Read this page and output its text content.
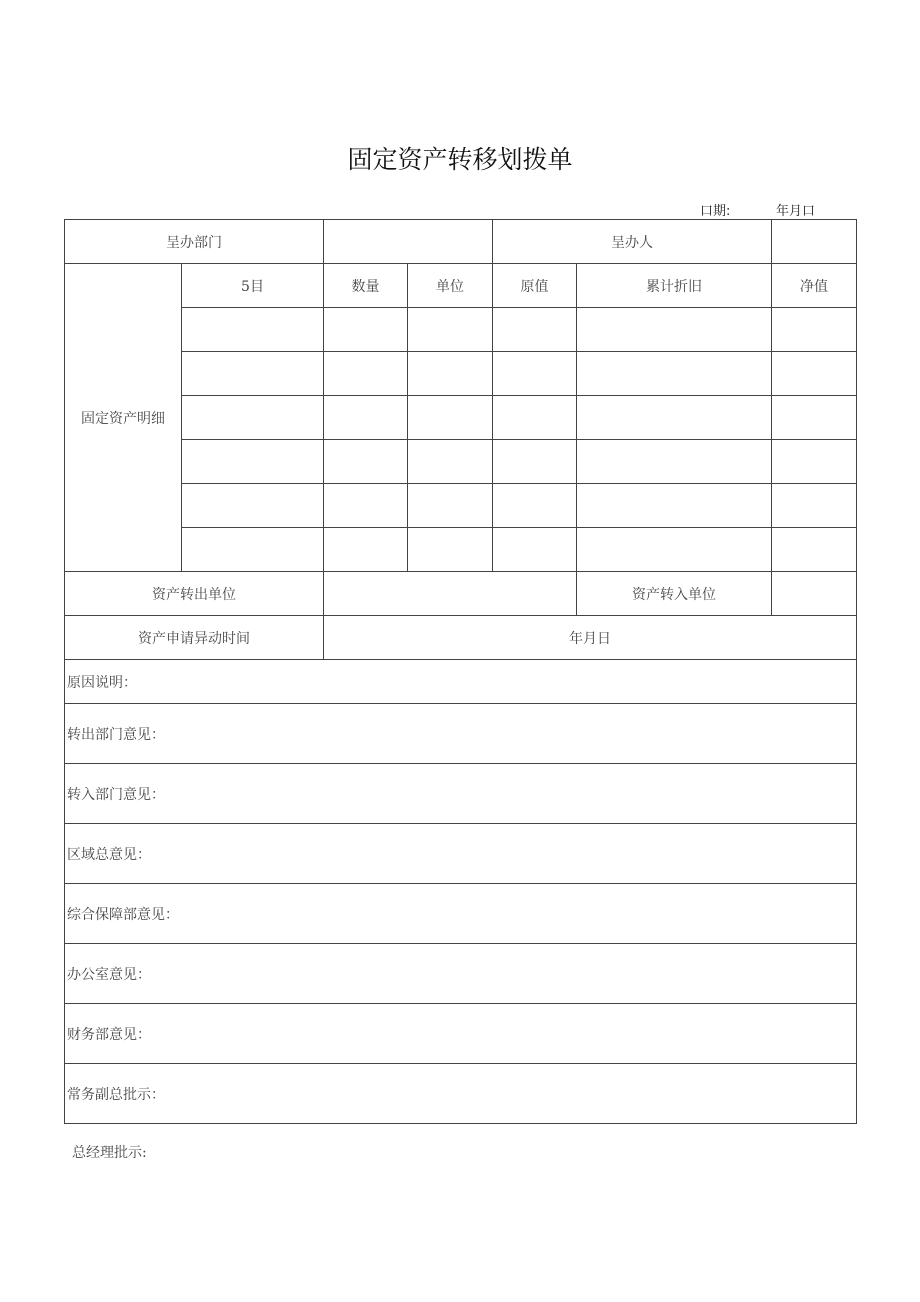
固定资产转移划拨单
口期:	年月口
呈办部门				呈办人		
固定资产明细	5目	数量	单位	原值	累计折旧	净值

资产转出单位					资产转入单位	
资产申请异动时间		年月日				
原因说明：						
转出部门意见：						
转入部门意见：						
区域总意见：						
综合保障部意见：						
办公室意见：						
财务部意见：						
常务副总批示：						
总经理批示:
